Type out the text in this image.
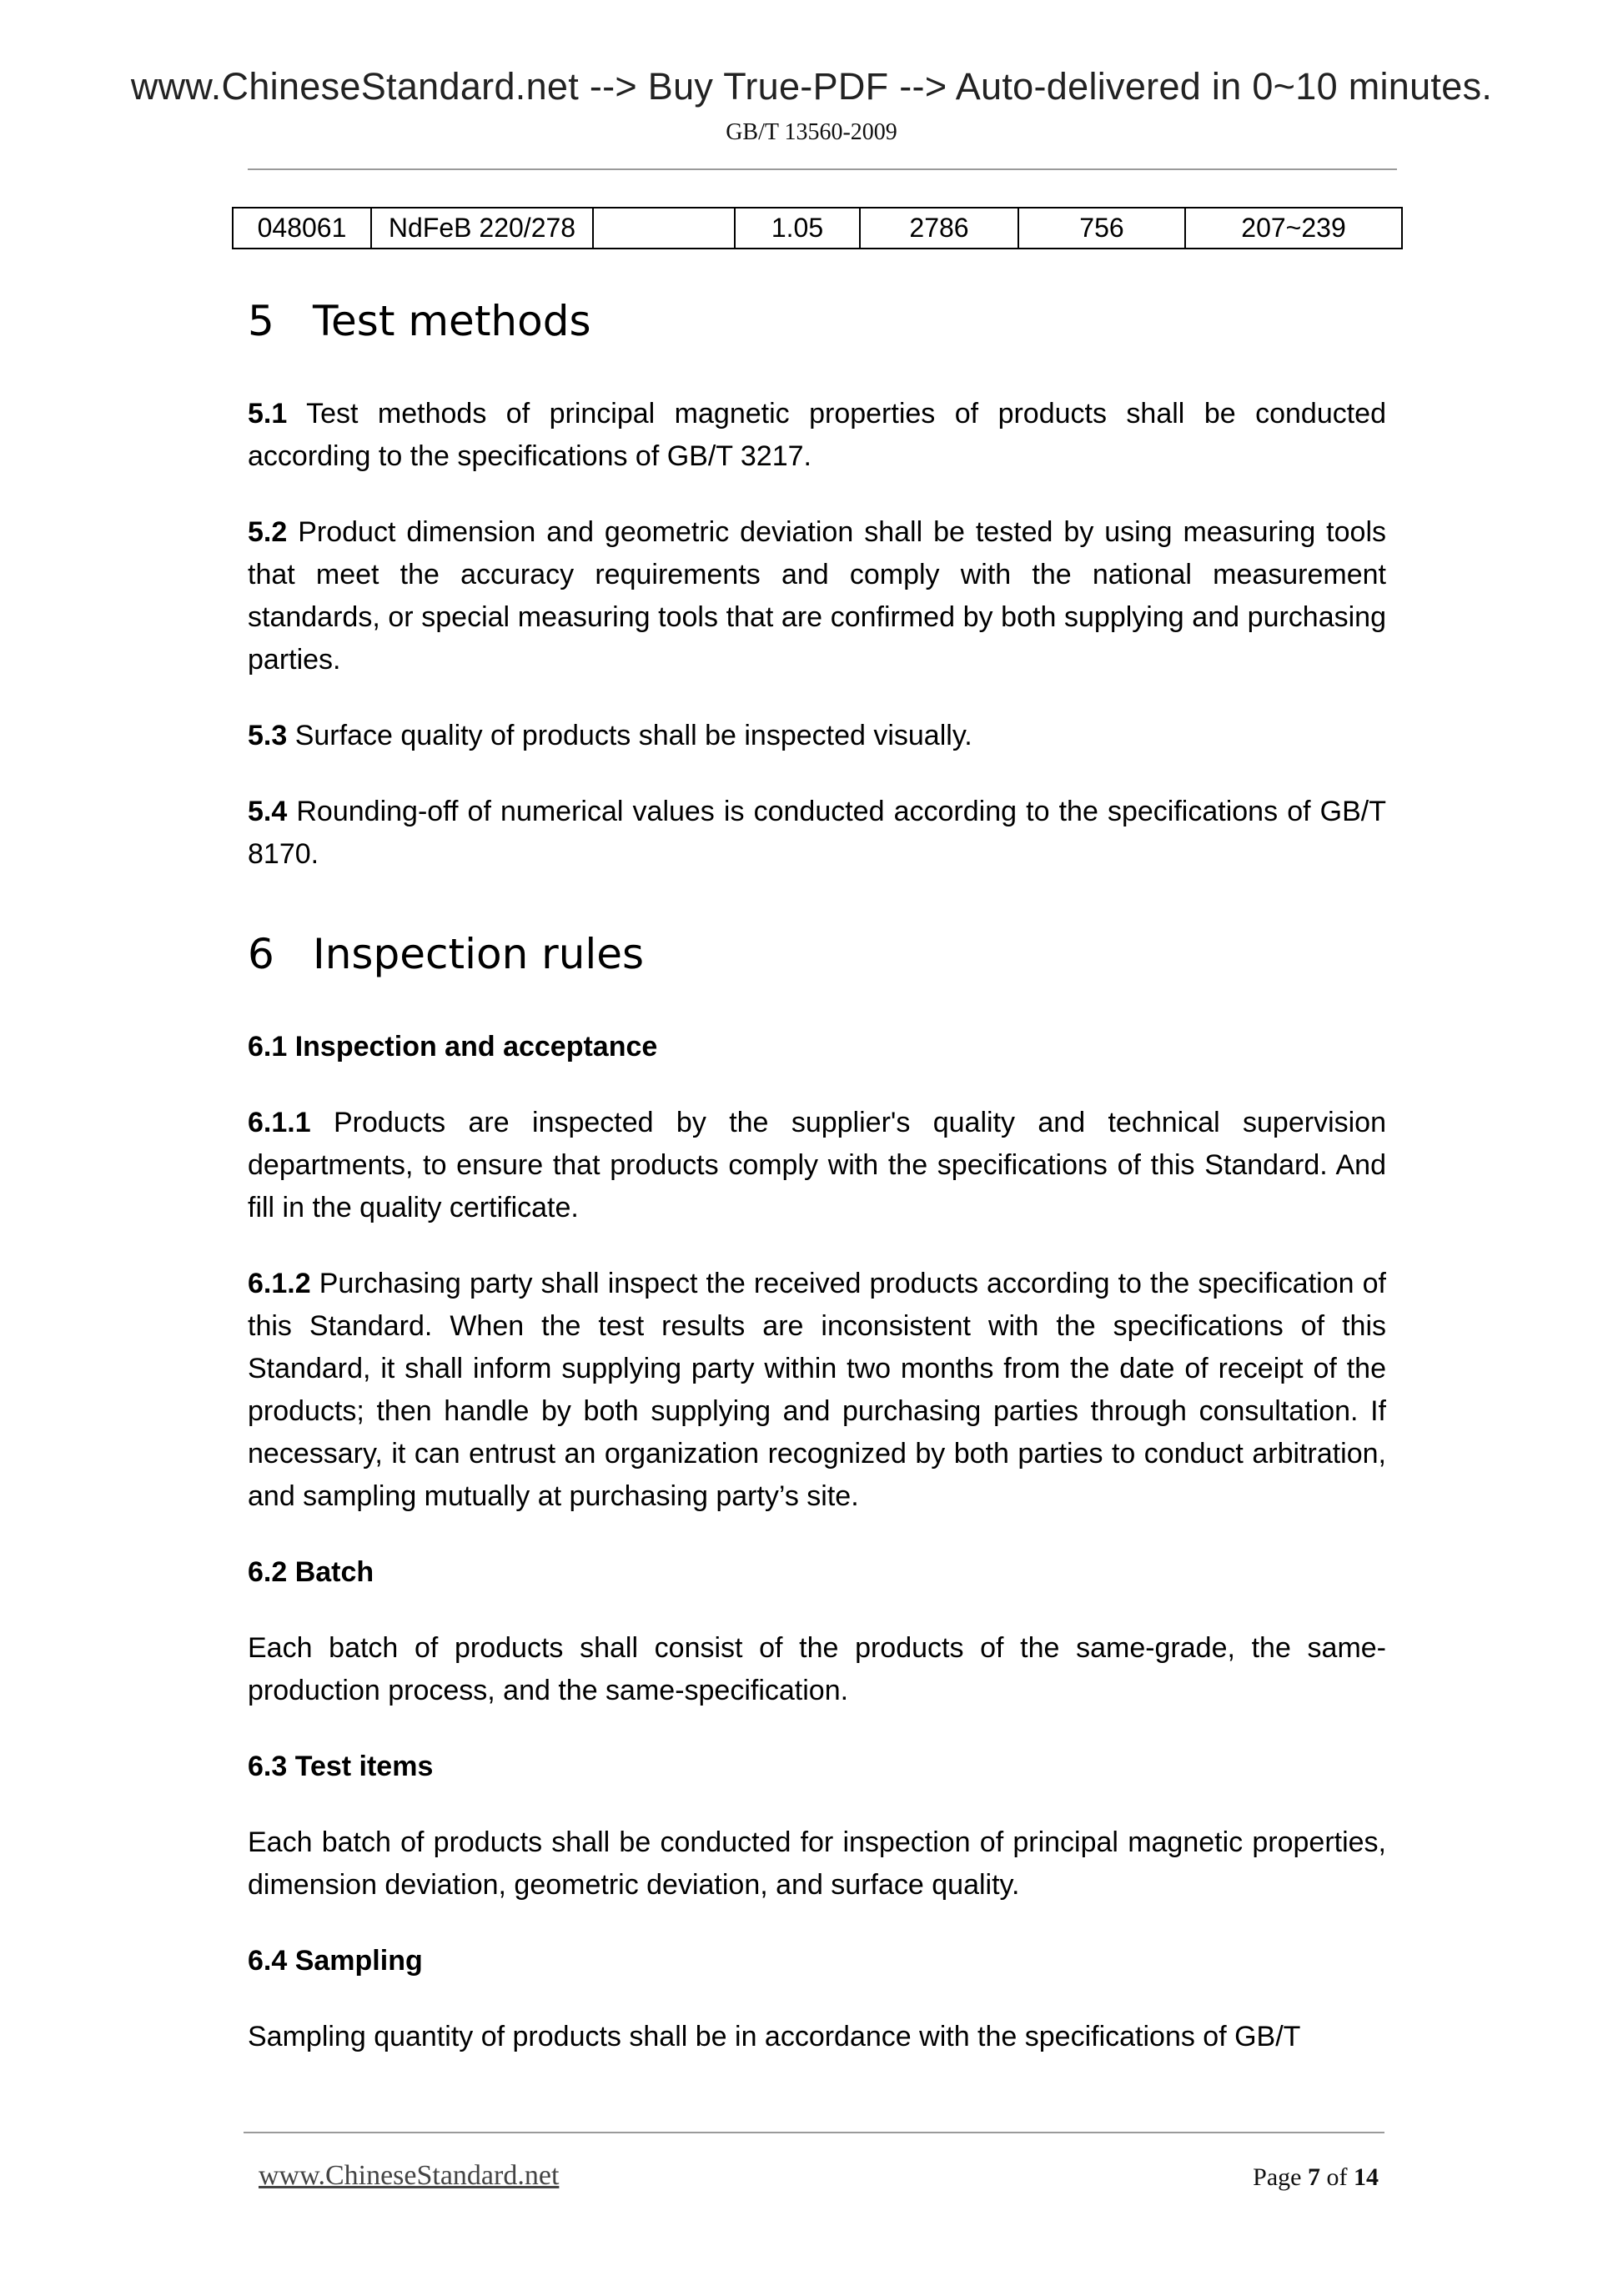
www.ChineseStandard.net --> Buy True-PDF --> Auto-delivered in 0~10 minutes.
GB/T 13560-2009
048061	NdFeB 220/278		1.05	2786	756	207~239
5 Test methods

5.1 Test methods of principal magnetic properties of products shall be conducted according to the specifications of GB/T 3217.

5.2 Product dimension and geometric deviation shall be tested by using measuring tools that meet the accuracy requirements and comply with the national measurement standards, or special measuring tools that are confirmed by both supplying and purchasing parties.

5.3 Surface quality of products shall be inspected visually.

5.4 Rounding-off of numerical values is conducted according to the specifications of GB/T 8170.

6 Inspection rules
6.1 Inspection and acceptance

6.1.1 Products are inspected by the supplier's quality and technical supervision departments, to ensure that products comply with the specifications of this Standard. And fill in the quality certificate.

6.1.2 Purchasing party shall inspect the received products according to the specification of this Standard. When the test results are inconsistent with the specifications of this Standard, it shall inform supplying party within two months from the date of receipt of the products; then handle by both supplying and purchasing parties through consultation. If necessary, it can entrust an organization recognized by both parties to conduct arbitration, and sampling mutually at purchasing party’s site.

6.2 Batch

Each batch of products shall consist of the products of the same-grade, the same-production process, and the same-specification.

6.3 Test items

Each batch of products shall be conducted for inspection of principal magnetic properties, dimension deviation, geometric deviation, and surface quality.

6.4 Sampling

Sampling quantity of products shall be in accordance with the specifications of GB/T

www.ChineseStandard.net	Page 7 of 14
